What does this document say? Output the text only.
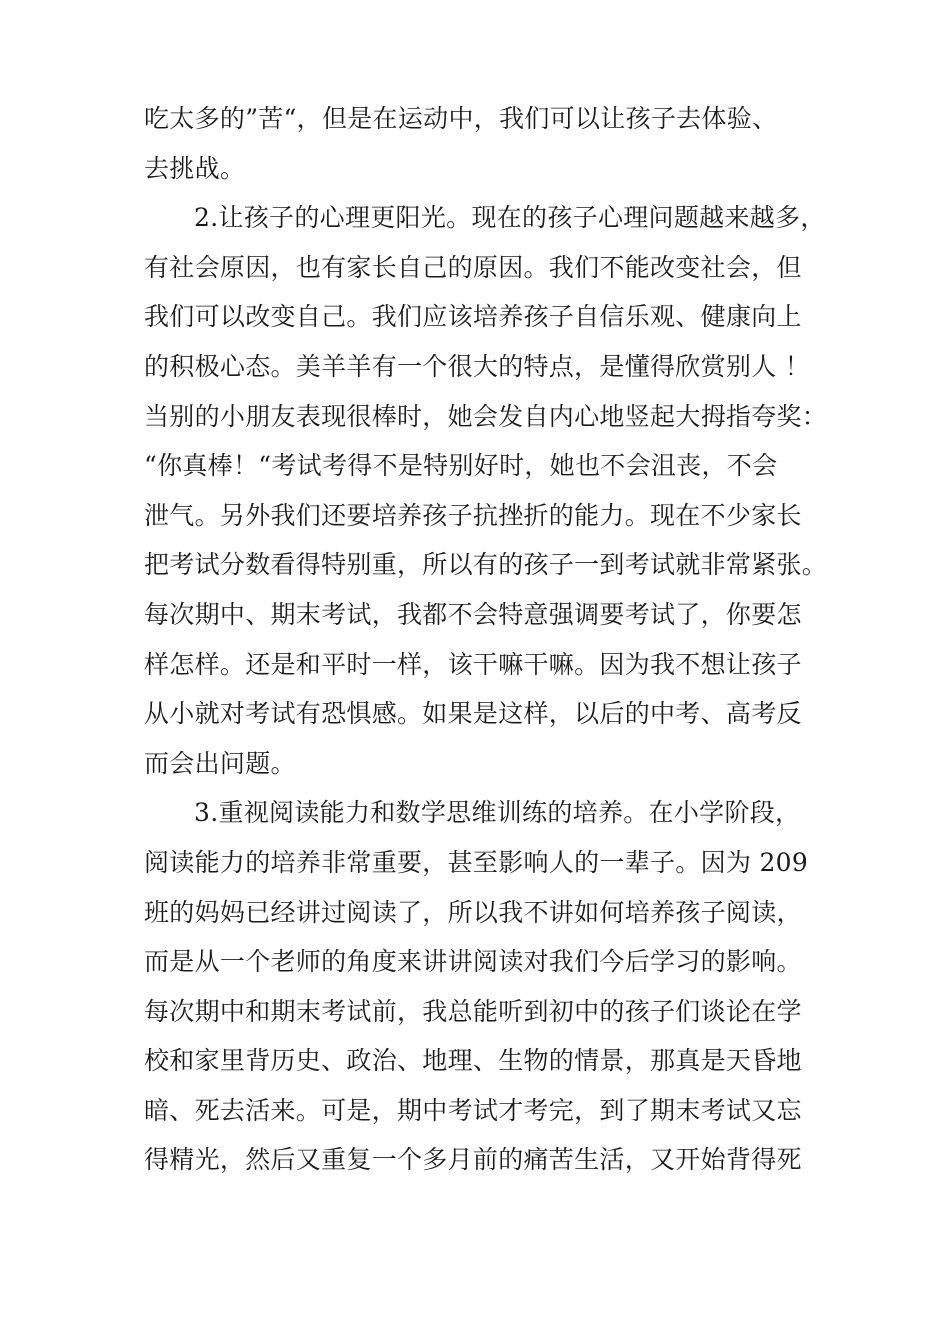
吃太多的”苦“，但是在运动中，我们可以让孩子去体验、
去挑战。
2.让孩子的心理更阳光。现在的孩子心理问题越来越多，
有社会原因，也有家长自己的原因。我们不能改变社会，但
我们可以改变自己。我们应该培养孩子自信乐观、健康向上
的积极心态。美羊羊有一个很大的特点，是懂得欣赏别人 ！
当别的小朋友表现很棒时，她会发自内心地竖起大拇指夸奖：
“你真棒！“考试考得不是特别好时，她也不会沮丧，不会
泄气。另外我们还要培养孩子抗挫折的能力。现在不少家长
把考试分数看得特别重，所以有的孩子一到考试就非常紧张。
每次期中、期末考试，我都不会特意强调要考试了，你要怎
样怎样。还是和平时一样，该干嘛干嘛。因为我不想让孩子
从小就对考试有恐惧感。如果是这样，以后的中考、高考反
而会出问题。
3.重视阅读能力和数学思维训练的培养。在小学阶段，
阅读能力的培养非常重要，甚至影响人的一辈子。因为 209
班的妈妈已经讲过阅读了，所以我不讲如何培养孩子阅读，
而是从一个老师的角度来讲讲阅读对我们今后学习的影响。
每次期中和期末考试前，我总能听到初中的孩子们谈论在学
校和家里背历史、政治、地理、生物的情景，那真是天昏地
暗、死去活来。可是，期中考试才考完，到了期末考试又忘
得精光，然后又重复一个多月前的痛苦生活，又开始背得死
